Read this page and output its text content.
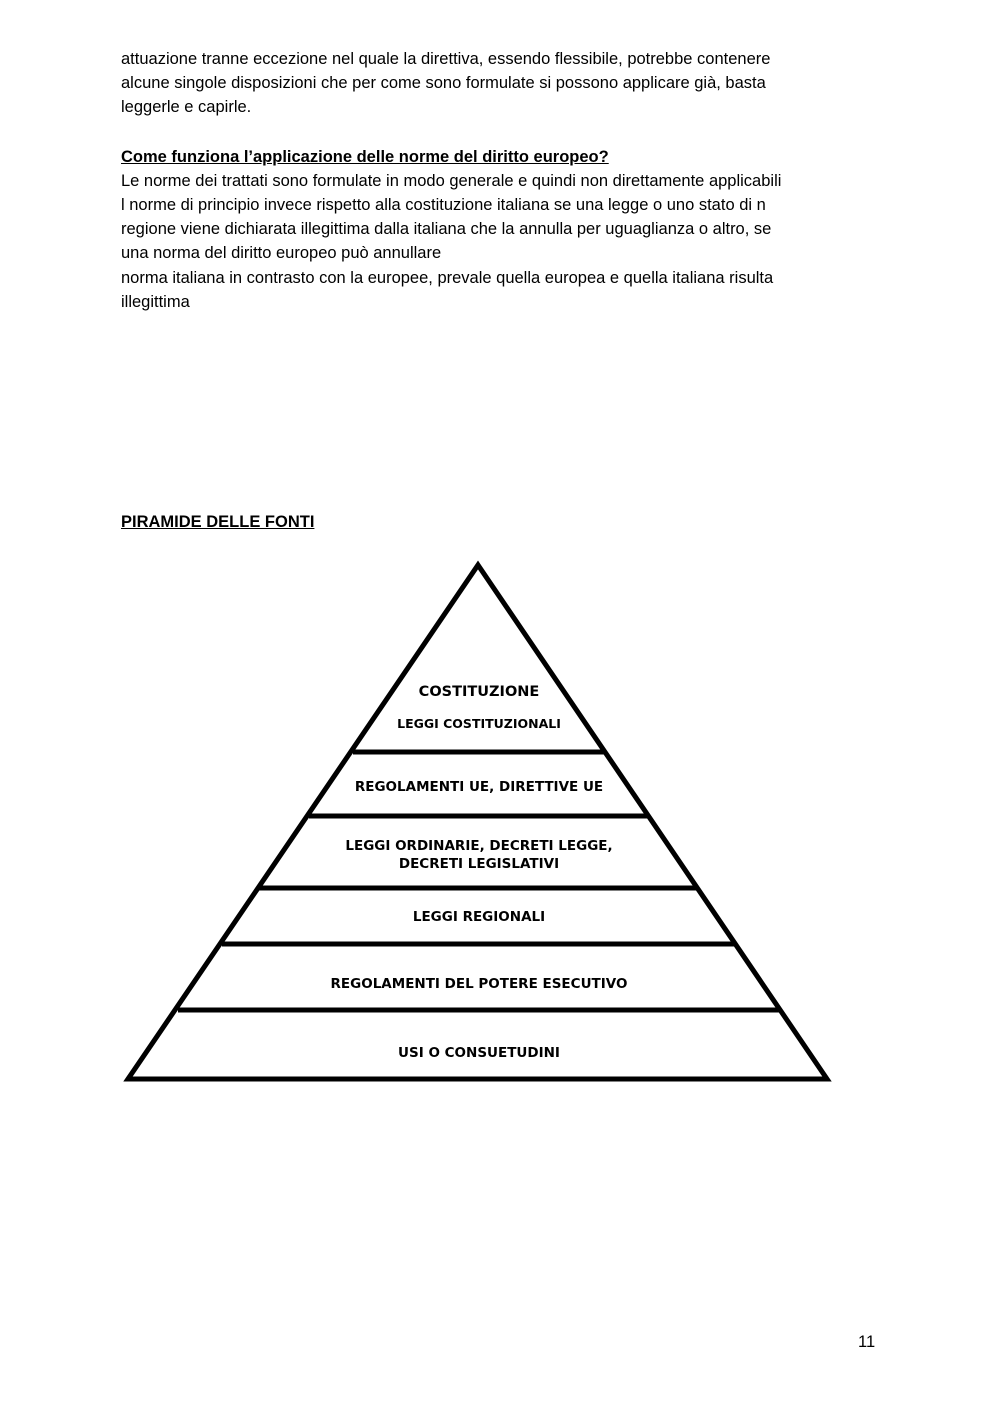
attuazione tranne eccezione nel quale la direttiva, essendo flessibile, potrebbe contenere

alcune singole disposizioni che per come sono formulate si possono applicare già, basta

leggerle e capirle.

Come funziona l’applicazione delle norme del diritto europeo?

Le norme dei trattati sono formulate in modo generale e quindi non direttamente applicabili

l norme di principio invece rispetto alla costituzione italiana se una legge o uno stato di n

regione viene dichiarata illegittima dalla italiana che la annulla per uguaglianza o altro, se

una norma del diritto europeo può annullare

norma italiana in contrasto con la europee, prevale quella europea e quella italiana risulta

illegittima

PIRAMIDE DELLE FONTI

COSTITUZIONE
LEGGI COSTITUZIONALI
REGOLAMENTI UE, DIRETTIVE UE
LEGGI ORDINARIE, DECRETI LEGGE,
DECRETI LEGISLATIVI
LEGGI REGIONALI
REGOLAMENTI DEL POTERE ESECUTIVO
USI O CONSUETUDINI
11
